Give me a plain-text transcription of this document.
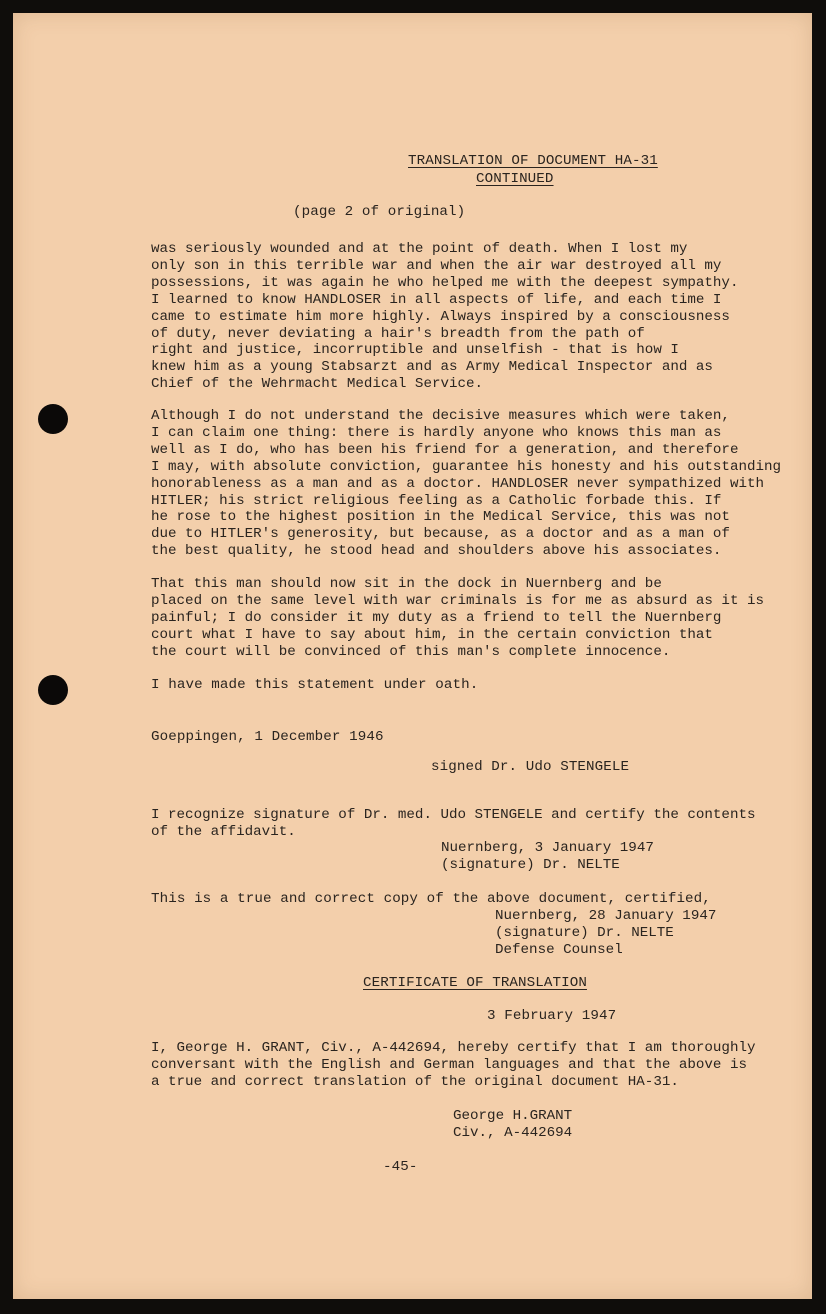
TRANSLATION OF DOCUMENT HA-31
CONTINUED
(page 2 of original)
was seriously wounded and at the point of death. When I lost my
only son in this terrible war and when the air war destroyed all my
possessions, it was again he who helped me with the deepest sympathy.
I learned to know HANDLOSER in all aspects of life, and each time I
came to estimate him more highly. Always inspired by a consciousness
of duty, never deviating a hair's breadth from the path of
right and justice, incorruptible and unselfish - that is how I
knew him as a young Stabsarzt and as Army Medical Inspector and as
Chief of the Wehrmacht Medical Service.
Although I do not understand the decisive measures which were taken,
I can claim one thing: there is hardly anyone who knows this man as
well as I do, who has been his friend for a generation, and therefore
I may, with absolute conviction, guarantee his honesty and his outstanding
honorableness as a man and as a doctor. HANDLOSER never sympathized with
HITLER; his strict religious feeling as a Catholic forbade this. If
he rose to the highest position in the Medical Service, this was not
due to HITLER's generosity, but because, as a doctor and as a man of
the best quality, he stood head and shoulders above his associates.
That this man should now sit in the dock in Nuernberg and be
placed on the same level with war criminals is for me as absurd as it is
painful; I do consider it my duty as a friend to tell the Nuernberg
court what I have to say about him, in the certain conviction that
the court will be convinced of this man's complete innocence.
I have made this statement under oath.
Goeppingen, 1 December 1946
signed Dr. Udo STENGELE
I recognize signature of Dr. med. Udo STENGELE and certify the contents
of the affidavit.
Nuernberg, 3 January 1947
(signature) Dr. NELTE
This is a true and correct copy of the above document, certified,
Nuernberg, 28 January 1947
(signature) Dr. NELTE
Defense Counsel
CERTIFICATE OF TRANSLATION
3 February 1947
I, George H. GRANT, Civ., A-442694, hereby certify that I am thoroughly
conversant with the English and German languages and that the above is
a true and correct translation of the original document HA-31.
George H.GRANT
Civ., A-442694
-45-
